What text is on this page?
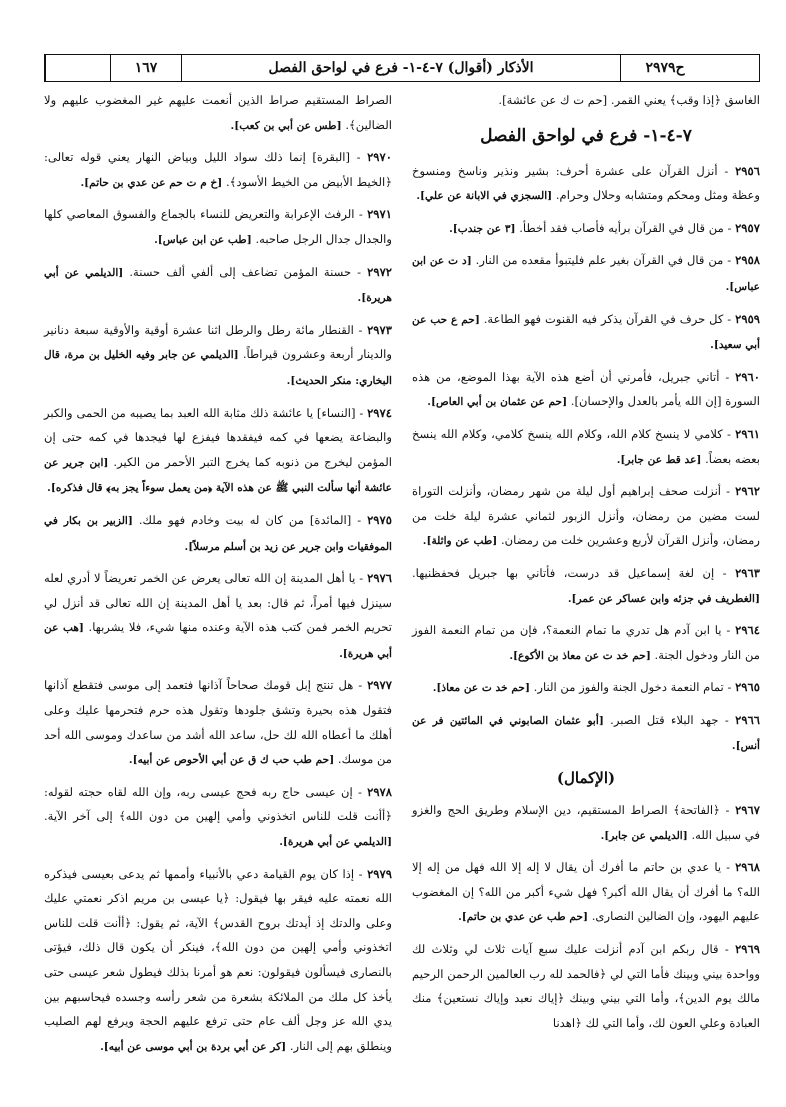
١٦٧	الأذكار (أقوال) ٧-٤-١- فرع في لواحق الفصل	ح٢٩٧٩
الغاسق ﴿إذا وقب﴾ يعني القمر. [حم ت ك عن عائشة].
٧-٤-١- فرع في لواحق الفصل
٢٩٥٦ - أنزل القرآن على عشرة أحرف: بشير ونذير وناسخ ومنسوخ وعظة ومثل ومحكم ومتشابه وحلال وحرام. [السجزي في الابانة عن علي].
٢٩٥٧ - من قال في القرآن برأيه فأصاب فقد أخطأ. [٣ عن جندب].
٢٩٥٨ - من قال في القرآن بغير علم فليتبوأ مقعده من النار. [د ت عن ابن عباس].
٢٩٥٩ - كل حرف في القرآن يذكر فيه القنوت فهو الطاعة. [حم ع حب عن أبي سعيد].
٢٩٦٠ - أتاني جبريل، فأمرني أن أضع هذه الآية بهذا الموضع، من هذه السورة [إن الله يأمر بالعدل والإحسان]. [حم عن عثمان بن أبي العاص].
٢٩٦١ - كلامي لا ينسخ كلام الله، وكلام الله ينسخ كلامي، وكلام الله ينسخ بعضه بعضاً. [عد قط عن جابر].
٢٩٦٢ - أنزلت صحف إبراهيم أول ليلة من شهر رمضان، وأنزلت التوراة لست مضين من رمضان، وأنزل الزبور لثماني عشرة ليلة خلت من رمضان، وأنزل القرآن لأربع وعشرين خلت من رمضان. [طب عن واثلة].
٢٩٦٣ - إن لغة إسماعيل قد درست، فأتاني بها جبريل فحفظنيها. [الغطريف في جزئه وابن عساكر عن عمر].
٢٩٦٤ - يا ابن آدم هل تدري ما تمام النعمة؟، فإن من تمام النعمة الفوز من النار ودخول الجنة. [حم خد ت عن معاذ بن الأكوع].
٢٩٦٥ - تمام النعمة دخول الجنة والفوز من النار. [حم خد ت عن معاذ].
٢٩٦٦ - جهد البلاء قتل الصبر. [أبو عثمان الصابوني في المائتين فر عن أنس].
(الإكمال)
٢٩٦٧ - ﴿الفاتحة﴾ الصراط المستقيم، دين الإسلام وطريق الحج والغزو في سبيل الله. [الديلمي عن جابر].
٢٩٦٨ - يا عدي بن حاتم ما أفرك أن يقال لا إله إلا الله فهل من إله إلا الله؟ ما أفرك أن يقال الله أكبر؟ فهل شيء أكبر من الله؟ إن المغضوب عليهم اليهود، وإن الضالين النصارى. [حم طب عن عدي بن حاتم].
٢٩٦٩ - قال ربكم ابن آدم أنزلت عليك سبع آيات ثلاث لي وثلاث لك وواحدة بيني وبينك فأما التي لي ﴿فالحمد لله رب العالمين الرحمن الرحيم مالك يوم الدين﴾، وأما التي بيني وبينك ﴿إياك نعبد وإياك نستعين﴾ منك العبادة وعلي العون لك، وأما التي لك ﴿اهدنا
الصراط المستقيم صراط الذين أنعمت عليهم غير المغضوب عليهم ولا الضالين﴾. [طس عن أبي بن كعب].
٢٩٧٠ - [البقرة] إنما ذلك سواد الليل وبياض النهار يعني قوله تعالى: ﴿الخيط الأبيض من الخيط الأسود﴾. [خ م ت حم عن عدي بن حاتم].
٢٩٧١ - الرفث الإعرابة والتعريض للنساء بالجماع والفسوق المعاصي كلها والجدال جدال الرجل صاحبه. [طب عن ابن عباس].
٢٩٧٢ - حسنة المؤمن تضاعف إلى ألفي ألف حسنة. [الديلمي عن أبي هريرة].
٢٩٧٣ - القنطار مائة رطل والرطل اثنا عشرة أوقية والأوقية سبعة دنانير والدينار أربعة وعشرون قيراطاً. [الديلمي عن جابر وفيه الخليل بن مرة، قال البخاري: منكر الحديث].
٢٩٧٤ - [النساء] يا عائشة ذلك مثابة الله العبد بما يصيبه من الحمى والكبر والبضاعة يضعها في كمه فيفقدها فيفزع لها فيجدها في كمه حتى إن المؤمن ليخرج من ذنوبه كما يخرج التبر الأحمر من الكير. [ابن جرير عن عائشة أنها سألت النبي ﷺ عن هذه الآية ﴿من يعمل سوءاً يجز به﴾ قال فذكره].
٢٩٧٥ - [المائدة] من كان له بيت وخادم فهو ملك. [الزبير بن بكار في الموفقيات وابن جرير عن زيد بن أسلم مرسلاً].
٢٩٧٦ - يا أهل المدينة إن الله تعالى يعرض عن الخمر تعريضاً لا أدري لعله سينزل فيها أمراً، ثم قال: بعد يا أهل المدينة إن الله تعالى قد أنزل لي تحريم الخمر فمن كتب هذه الآية وعنده منها شيء، فلا يشربها. [هب عن أبي هريرة].
٢٩٧٧ - هل تنتج إبل قومك صحاحاً آذانها فتعمد إلى موسى فتقطع آذانها فتقول هذه بحيرة وتشق جلودها وتقول هذه حرم فتحرمها عليك وعلى أهلك ما أعطاه الله لك حل، ساعد الله أشد من ساعدك وموسى الله أحد من موسك. [حم طب حب ك ق عن أبي الأحوص عن أبيه].
٢٩٧٨ - إن عيسى حاج ربه فحج عيسى ربه، وإن الله لقاه حجته لقوله: ﴿أأنت قلت للناس اتخذوني وأمي إلهين من دون الله﴾ إلى آخر الآية. [الديلمي عن أبي هريرة].
٢٩٧٩ - إذا كان يوم القيامة دعي بالأنبياء وأممها ثم يدعى بعيسى فيذكره الله نعمته عليه فيقر بها فيقول: ﴿يا عيسى بن مريم اذكر نعمتي عليك وعلى والدتك إذ أيدتك بروح القدس﴾ الآية، ثم يقول: ﴿أأنت قلت للناس اتخذوني وأمي إلهين من دون الله﴾، فينكر أن يكون قال ذلك، فيؤتى بالنصارى فيسألون فيقولون: نعم هو أمرنا بذلك فيطول شعر عيسى حتى يأخذ كل ملك من الملائكة بشعرة من شعر رأسه وجسده فيحاسبهم بين يدي الله عز وجل ألف عام حتى ترفع عليهم الحجة ويرفع لهم الصليب وينطلق بهم إلى النار. [كر عن أبي بردة بن أبي موسى عن أبيه].
